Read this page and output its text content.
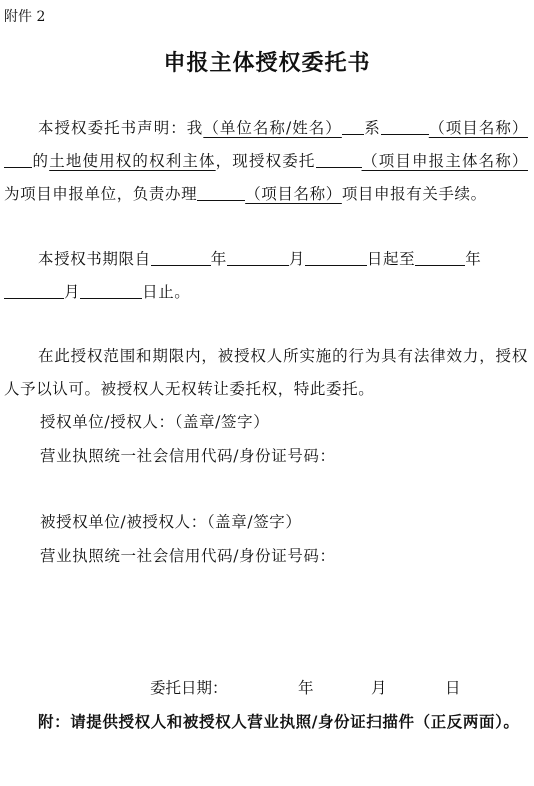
附件 2
申报主体授权委托书
本授权委托书声明：我（单位名称/姓名） 系	（项目名称）的土地使用权的权利主体，现授权委托	（项目申报主体名称）为项目申报单位，负责办理	（项目名称）项目申报有关手续。
本授权书期限自	年	月	日起至	年月	日止。
在此授权范围和期限内，被授权人所实施的行为具有法律效力，授权人予以认可。被授权人无权转让委托权，特此委托。
授权单位/授权人：（盖章/签字）
营业执照统一社会信用代码/身份证号码：
被授权单位/被授权人：（盖章/签字）
营业执照统一社会信用代码/身份证号码：
委托日期：	年	月	日
附：请提供授权人和被授权人营业执照/身份证扫描件（正反两面）。
